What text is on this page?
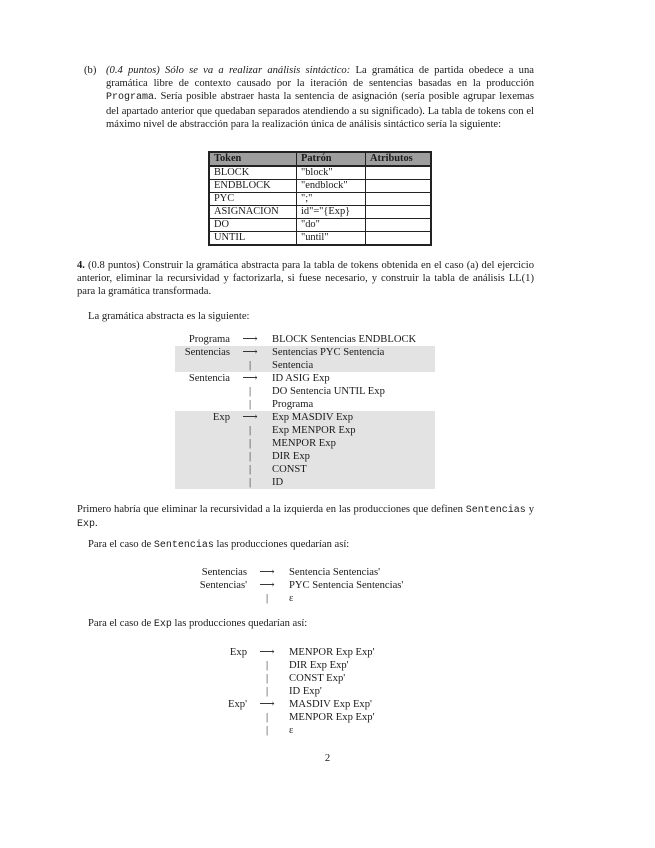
(b) (0.4 puntos) Sólo se va a realizar análisis sintáctico: La gramática de partida obedece a una gramática libre de contexto causado por la iteración de sentencias basadas en la producción Programa. Sería posible abstraer hasta la sentencia de asignación (sería posible agrupar lexemas del apartado anterior que quedaban separados atendiendo a su significado). La tabla de tokens con el máximo nivel de abstracción para la realización única de análisis sintáctico sería la siguiente:

Token	Patrón	Atributos
BLOCK	"block"	
ENDBLOCK	"endblock"	
PYC	";"	
ASIGNACION	id"="{Exp}	
DO	"do"	
UNTIL	"until"	

4. (0.8 puntos) Construir la gramática abstracta para la tabla de tokens obtenida en el caso (a) del ejercicio anterior, eliminar la recursividad y factorizarla, si fuese necesario, y construir la tabla de análisis LL(1) para la gramática transformada.

La gramática abstracta es la siguiente:

Programa ⟶ BLOCK Sentencias ENDBLOCK
Sentencias ⟶ Sentencias PYC Sentencia
|	Sentencia
Sentencia ⟶ ID ASIG Exp
|	DO Sentencia UNTIL Exp
|	Programa
Exp ⟶ Exp MASDIV Exp
|	Exp MENPOR Exp
|	MENPOR Exp
|	DIR Exp
|	CONST
|	ID

Primero habría que eliminar la recursividad a la izquierda en las producciones que definen Sentencias y Exp.

Para el caso de Sentencias las producciones quedarían así:

Sentencias ⟶ Sentencia Sentencias'
Sentencias' ⟶ PYC Sentencia Sentencias'
|	ε

Para el caso de Exp las producciones quedarían así:

Exp ⟶ MENPOR Exp Exp'
|	DIR Exp Exp'
|	CONST Exp'
|	ID Exp'
Exp' ⟶ MASDIV Exp Exp'
|	MENPOR Exp Exp'
|	ε
2
